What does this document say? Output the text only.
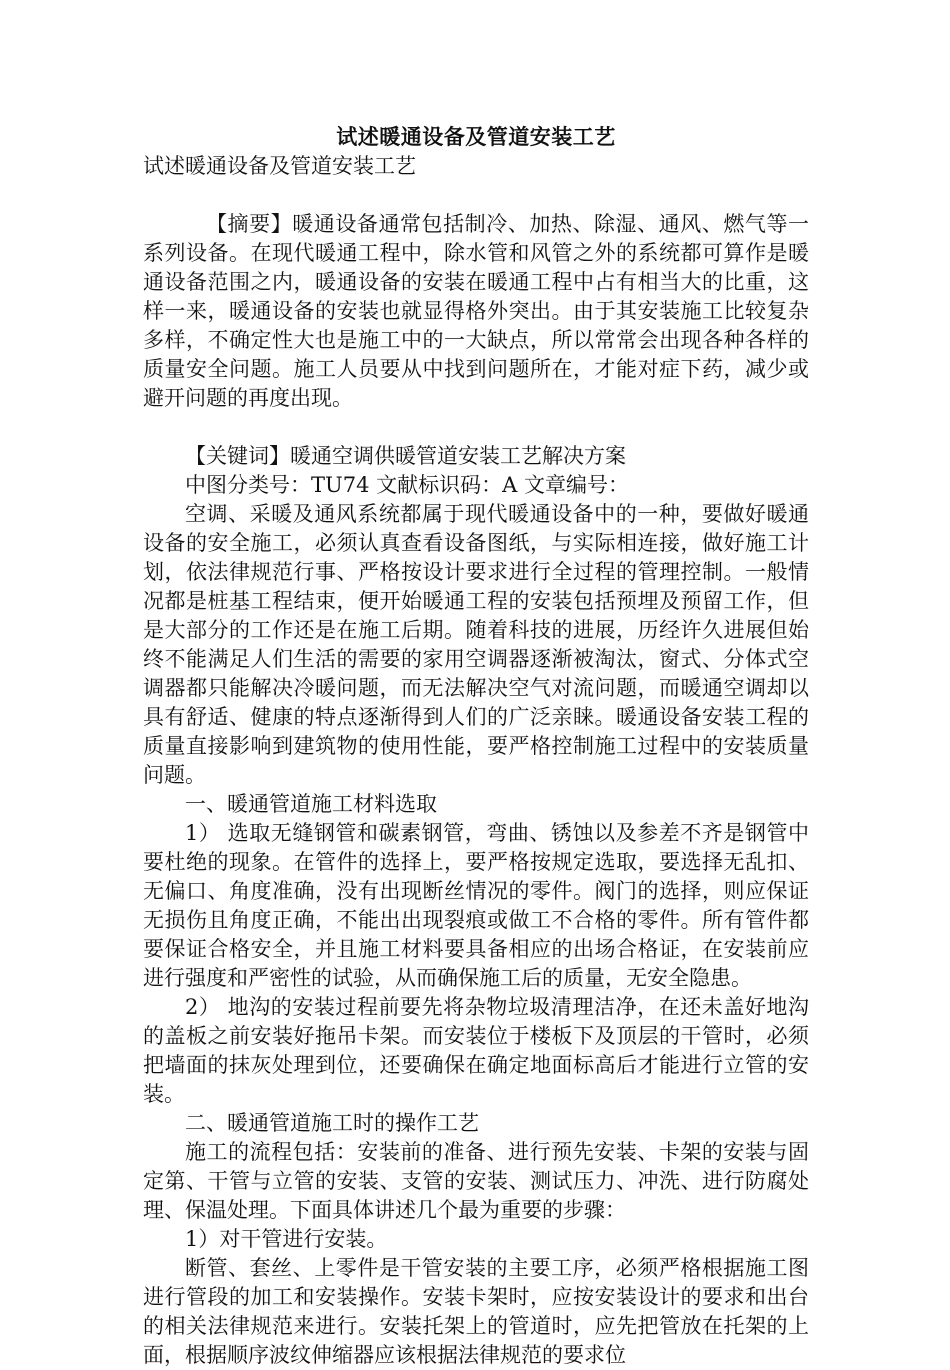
试述暖通设备及管道安装工艺

试述暖通设备及管道安装工艺

【摘要】暖通设备通常包括制冷、加热、除湿、通风、燃气等一系列设备。在现代暖通工程中，除水管和风管之外的系统都可算作是暖通设备范围之内，暖通设备的安装在暖通工程中占有相当大的比重，这样一来，暖通设备的安装也就显得格外突出。由于其安装施工比较复杂多样，不确定性大也是施工中的一大缺点，所以常常会出现各种各样的质量安全问题。施工人员要从中找到问题所在，才能对症下药，减少或避开问题的再度出现。

【关键词】暖通空调供暖管道安装工艺解决方案

中图分类号：TU74 文献标识码：A 文章编号：

空调、采暖及通风系统都属于现代暖通设备中的一种，要做好暖通设备的安全施工，必须认真查看设备图纸，与实际相连接，做好施工计划，依法律规范行事、严格按设计要求进行全过程的管理控制。一般情况都是桩基工程结束，便开始暖通工程的安装包括预埋及预留工作，但是大部分的工作还是在施工后期。随着科技的进展，历经许久进展但始终不能满足人们生活的需要的家用空调器逐渐被淘汰，窗式、分体式空调器都只能解决冷暖问题，而无法解决空气对流问题，而暖通空调却以具有舒适、健康的特点逐渐得到人们的广泛亲睐。暖通设备安装工程的质量直接影响到建筑物的使用性能，要严格控制施工过程中的安装质量问题。

一、暖通管道施工材料选取

1） 选取无缝钢管和碳素钢管，弯曲、锈蚀以及参差不齐是钢管中要杜绝的现象。在管件的选择上，要严格按规定选取，要选择无乱扣、无偏口、角度准确，没有出现断丝情况的零件。阀门的选择，则应保证无损伤且角度正确，不能出出现裂痕或做工不合格的零件。所有管件都要保证合格安全，并且施工材料要具备相应的出场合格证，在安装前应进行强度和严密性的试验，从而确保施工后的质量，无安全隐患。

2） 地沟的安装过程前要先将杂物垃圾清理洁净，在还未盖好地沟的盖板之前安装好拖吊卡架。而安装位于楼板下及顶层的干管时，必须把墙面的抹灰处理到位，还要确保在确定地面标高后才能进行立管的安装。

二、暖通管道施工时的操作工艺

施工的流程包括：安装前的准备、进行预先安装、卡架的安装与固定第、干管与立管的安装、支管的安装、测试压力、冲洗、进行防腐处理、保温处理。下面具体讲述几个最为重要的步骤：

1）对干管进行安装。

断管、套丝、上零件是干管安装的主要工序，必须严格根据施工图进行管段的加工和安装操作。安装卡架时，应按安装设计的要求和出台的相关法律规范来进行。安装托架上的管道时，应先把管放在托架的上面，根据顺序波纹伸缩器应该根据法律规范的要求位
